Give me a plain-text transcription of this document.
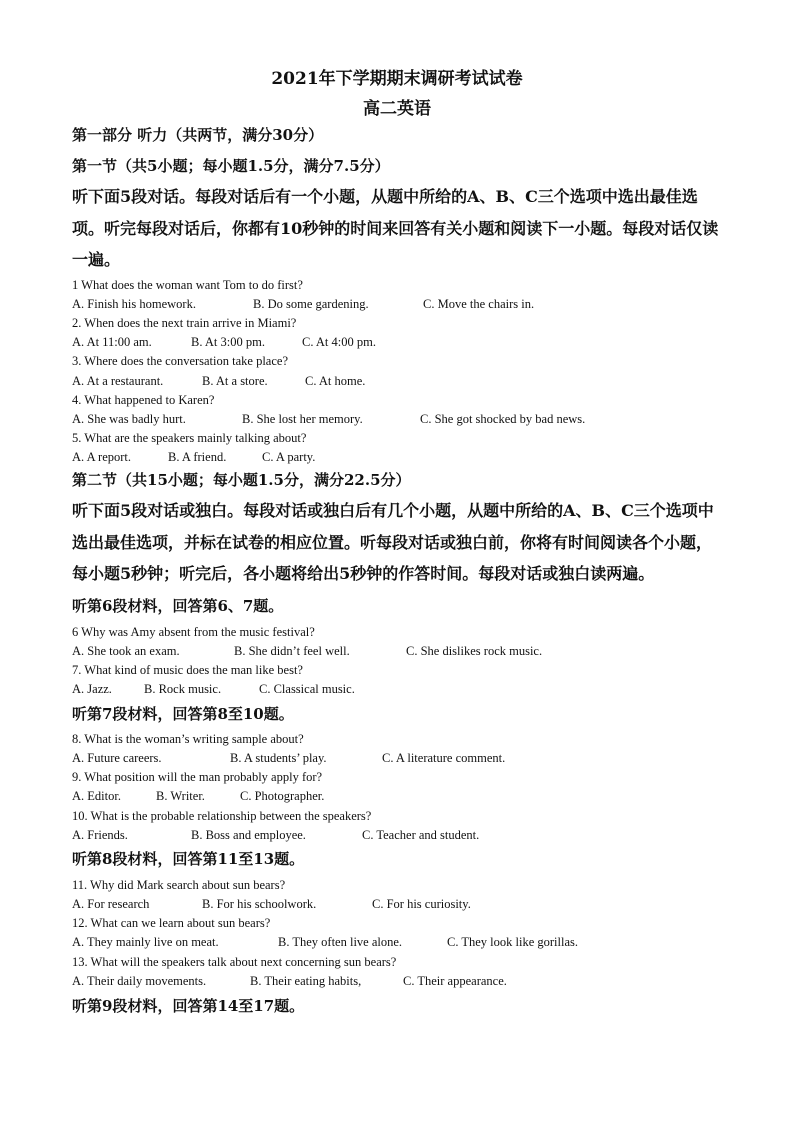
2021年下学期期末调研考试试卷
高二英语
第一部分 听力（共两节，满分30分）
第一节（共5小题；每小题1.5分，满分7.5分）
听下面5段对话。每段对话后有一个小题，从题中所给的A、B、C三个选项中选出最佳选项。听完每段对话后，你都有10秒钟的时间来回答有关小题和阅读下一小题。每段对话仅读一遍。
1 What does the woman want Tom to do first?
A. Finish his homework.	B. Do some gardening.	C. Move the chairs in.
2. When does the next train arrive in Miami?
A. At 11:00 am.	B. At 3:00 pm.	C. At 4:00 pm.
3. Where does the conversation take place?
A. At a restaurant.	B. At a store.	C. At home.
4. What happened to Karen?
A. She was badly hurt.	B. She lost her memory.	C. She got shocked by bad news.
5. What are the speakers mainly talking about?
A. A report.	B. A friend.	C. A party.
第二节（共15小题；每小题1.5分，满分22.5分）
听下面5段对话或独白。每段对话或独白后有几个小题，从题中所给的A、B、C三个选项中选出最佳选项，并标在试卷的相应位置。听每段对话或独白前，你将有时间阅读各个小题，每小题5秒钟；听完后，各小题将给出5秒钟的作答时间。每段对话或独白读两遍。
听第6段材料，回答第6、7题。
6 Why was Amy absent from the music festival?
A. She took an exam.	B. She didn’t feel well.	C. She dislikes rock music.
7. What kind of music does the man like best?
A. Jazz.	B. Rock music.	C. Classical music.
听第7段材料，回答第8至10题。
8. What is the woman’s writing sample about?
A. Future careers.	B. A students’ play.	C. A literature comment.
9. What position will the man probably apply for?
A. Editor.	B. Writer.	C. Photographer.
10. What is the probable relationship between the speakers?
A. Friends.	B. Boss and employee.	C. Teacher and student.
听第8段材料，回答第11至13题。
11. Why did Mark search about sun bears?
A. For research	B. For his schoolwork.	C. For his curiosity.
12. What can we learn about sun bears?
A. They mainly live on meat.	B. They often live alone.	C. They look like gorillas.
13. What will the speakers talk about next concerning sun bears?
A. Their daily movements.	B. Their eating habits,	C. Their appearance.
听第9段材料，回答第14至17题。
